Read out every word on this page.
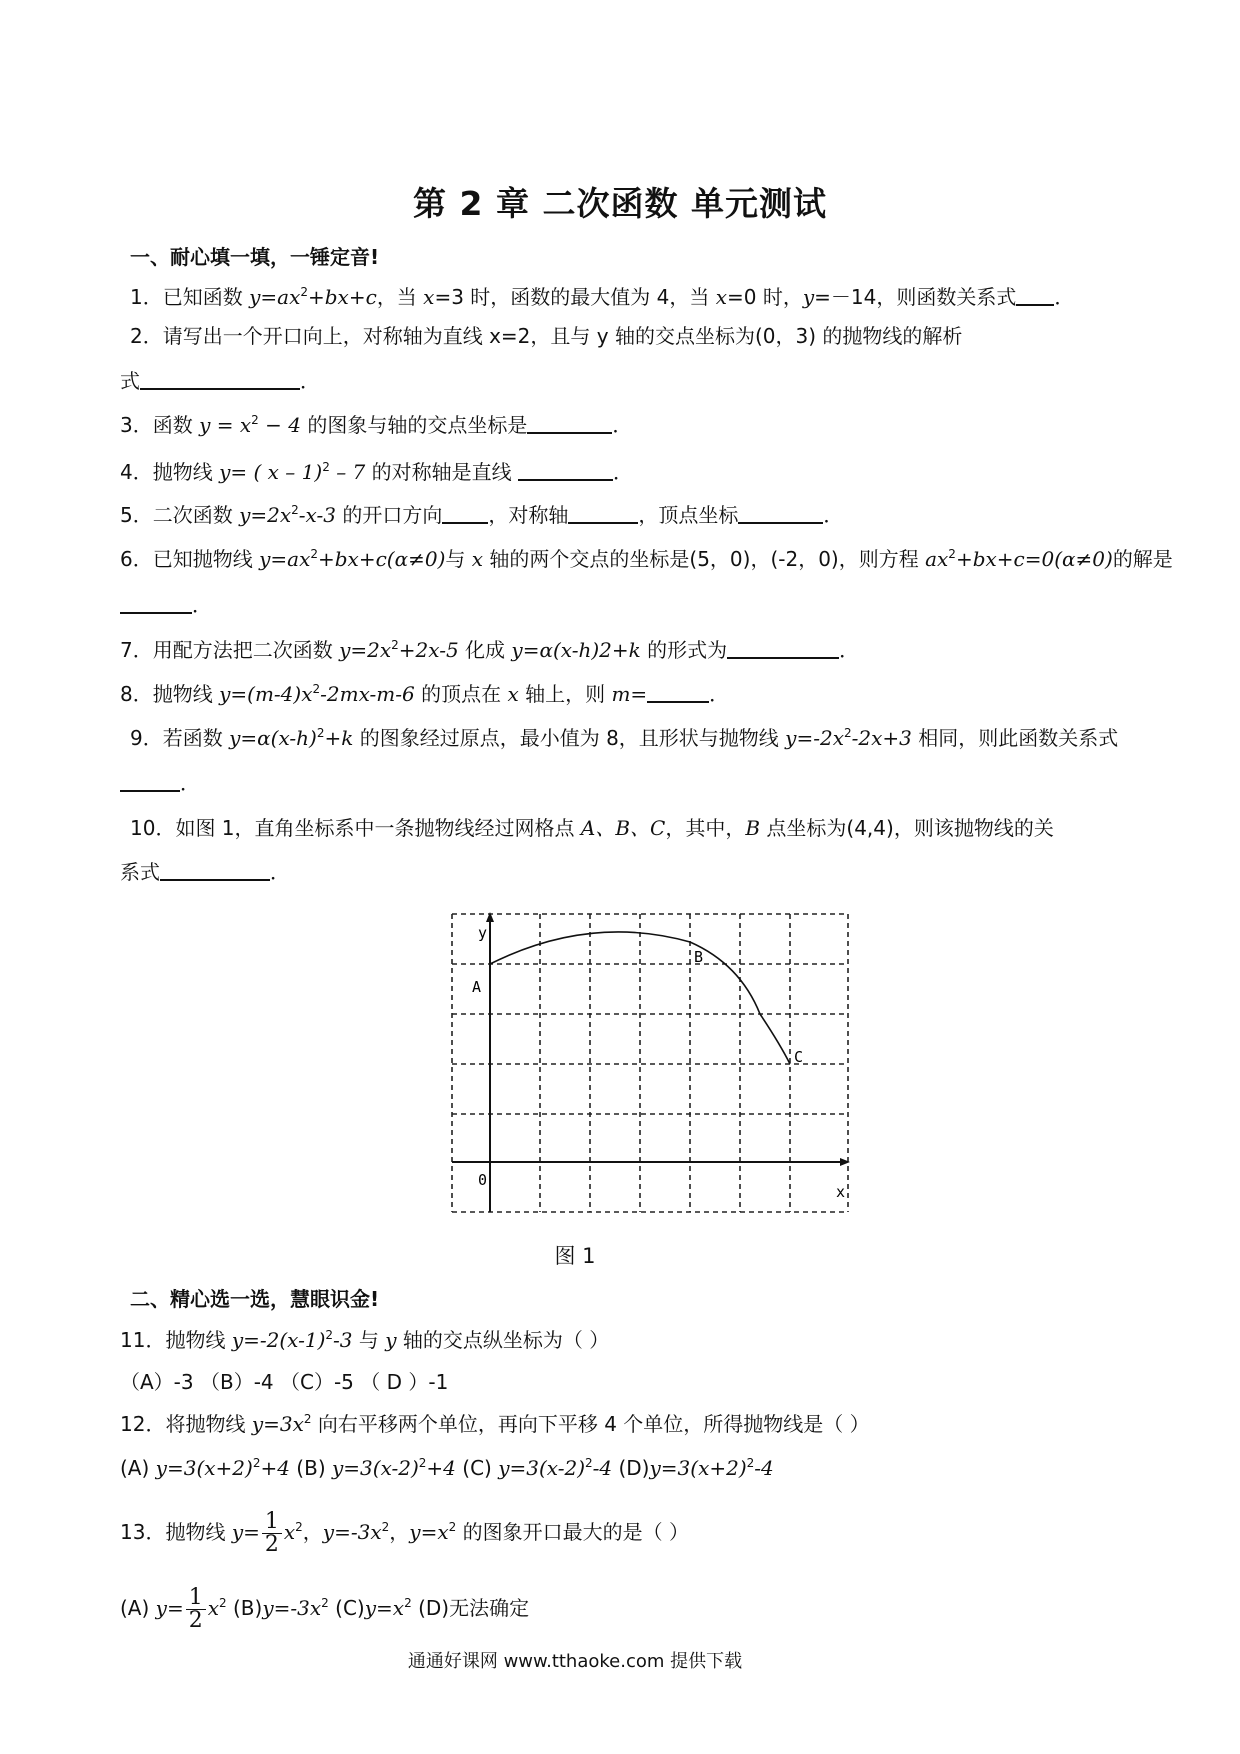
第 2 章 二次函数 单元测试
一、耐心填一填，一锤定音!
1．已知函数 $y=ax^2+bx+c$，当 x=3 时，函数的最大值为 4，当 x=0 时，y=－14，则函数关系式 ．
2．请写出一个开口向上，对称轴为直线 x=2，且与 y 轴的交点坐标为(0，3) 的抛物线的解析
式	．
3．函数 $y = x^2 - 4$ 的图象与轴的交点坐标是	．
4．抛物线 y= ( x – 1)$^2$ – 7 的对称轴是直线	．
5．二次函数 $y=2x^2-x-3$ 的开口方向 ，对称轴	，顶点坐标	．
6．已知抛物线 $y=ax^2+bx+c(\alpha\ne 0)$与 x 轴的两个交点的坐标是(5，0)，(-2，0)，则方程 $ax^2+bx+c=0(\alpha\ne 0)$的解是
．
7．用配方法把二次函数 $y=2x^2+2x-5$ 化成 y=α(x-h)2+k 的形式为	．
8．抛物线 $y=(m-4)x^2-2mx-m-6$ 的顶点在 x 轴上，则 m=	．
9．若函数 $y=\alpha(x-h)^2+k$ 的图象经过原点，最小值为 8，且形状与抛物线 $y=-2x^2-2x+3$ 相同，则此函数关系式
．
10．如图 1，直角坐标系中一条抛物线经过网格点 A、B、C，其中，B 点坐标为(4,4)，则该抛物线的关
系式	．
y
x
0
A
B
C
图 1
二、精心选一选，慧眼识金!
11．抛物线 $y=-2(x-1)^2-3$ 与 y 轴的交点纵坐标为（ ）
（A）-3 （B）-4 （C）-5 （ D ）-1
12．将抛物线 $y=3x^2$ 向右平移两个单位，再向下平移 4 个单位，所得抛物线是（ ）
(A) $y=3(x+2)^2+4$ (B) $y=3(x-2)^2+4$ (C) $y=3(x-2)^2-4$ $(D)y=3(x+2)^2-4$
13．抛物线 $y= \frac{1}{2} x^2$，$y=-3x^2$，$y=x^2$ 的图象开口最大的是（ ）
(A) $y= \frac{1}{2} x^2$ $(B)y=-3x^2$ $(C)y=x^2$ (D)无法确定
通通好课网 www.tthaoke.com 提供下载
